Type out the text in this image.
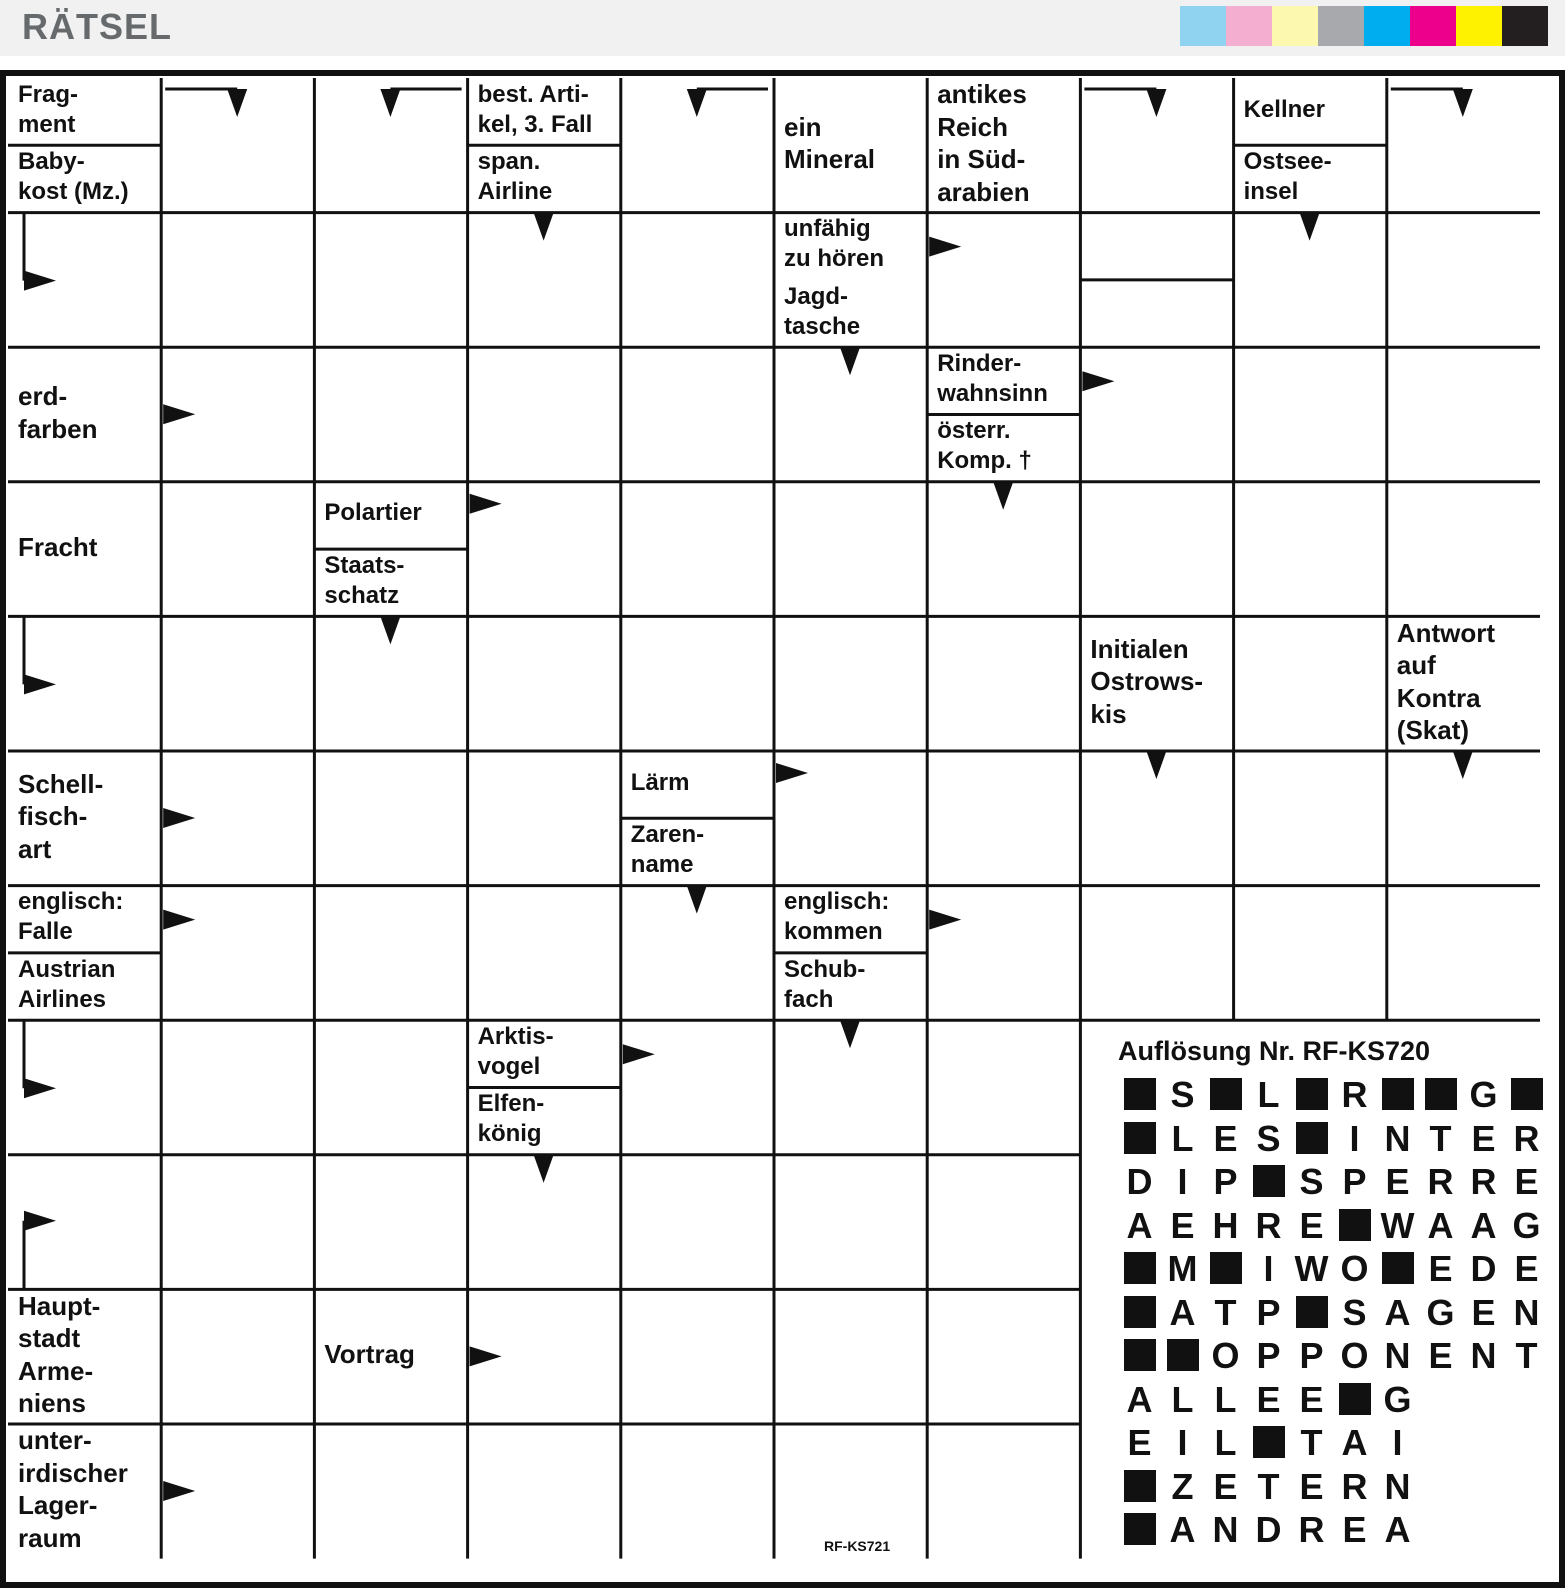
RÄTSEL
Frag-
ment
Baby-
kost (Mz.)
best. Arti-
kel, 3. Fall
span.
Airline
ein
Mineral
antikes
Reich
in Süd-
arabien
Kellner
Ostsee-
insel
unfähig
zu hören
Jagd-
tasche
erd-
farben
Rinder-
wahnsinn
österr.
Komp. †
Fracht
Polartier
Staats-
schatz
Initialen
Ostrows-
kis
Antwort
auf
Kontra
(Skat)
Schell-
fisch-
art
Lärm
Zaren-
name
englisch:
Falle
Austrian
Airlines
englisch:
kommen
Schub-
fach
Arktis-
vogel
Elfen-
könig
Haupt-
stadt
Arme-
niens
Vortrag
unter-
irdischer
Lager-
raum
Auflösung Nr. RF-KS720
S L R	G
L E S I N T E R
D I P S P E R R E
A E H R E W A A G
M I W O E D E
A T P S A G E N
O P P O N E N T
A L L E E G
E I L T A I
Z E T E R N
A N D R E A
RF-KS721
